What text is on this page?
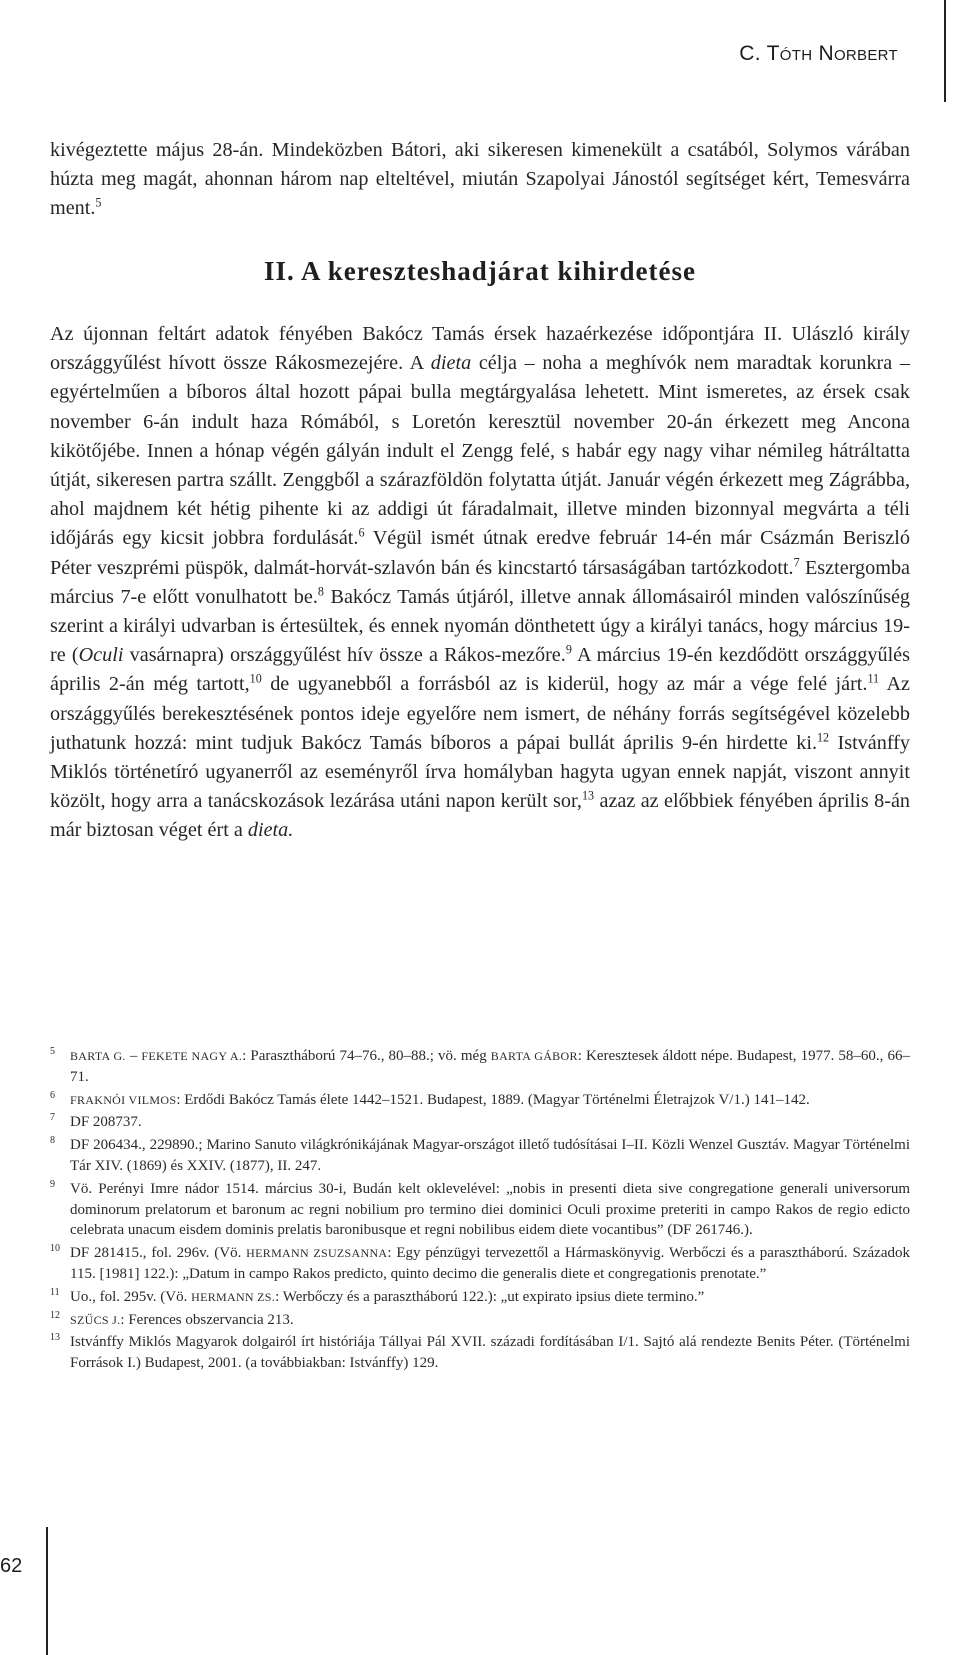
C. TÓTH NORBERT

kivégeztette május 28-án. Mindeközben Bátori, aki sikeresen kimenekült a csatából, Solymos várában húzta meg magát, ahonnan három nap elteltével, miután Szapolyai Jánostól segítséget kért, Temesvárra ment.$^5$

II. A kereszteshadjárat kihirdetése

Az újonnan feltárt adatok fényében Bakócz Tamás érsek hazaérkezése időpontjára II. Ulászló király országgyűlést hívott össze Rákosmezejére. A dieta célja – noha a meghívók nem maradtak korunkra – egyértelműen a bíboros által hozott pápai bulla megtárgyalása lehetett. Mint ismeretes, az érsek csak november 6-án indult haza Rómából, s Loretón keresztül november 20-án érkezett meg Ancona kikötőjébe. Innen a hónap végén gályán indult el Zengg felé, s habár egy nagy vihar némileg hátráltatta útját, sikeresen partra szállt. Zenggből a szárazföldön folytatta útját. Január végén érkezett meg Zágrábba, ahol majdnem két hétig pihente ki az addigi út fáradalmait, illetve minden bizonnyal megvárta a téli időjárás egy kicsit jobbra fordulását.$^6$ Végül ismét útnak eredve február 14-én már Csázmán Beriszló Péter veszprémi püspök, dalmát-horvát-szlavón bán és kincstartó társaságában tartózkodott.$^7$ Esztergomba március 7-e előtt vonulhatott be.$^8$ Bakócz Tamás útjáról, illetve annak állomásairól minden valószínűség szerint a királyi udvarban is értesültek, és ennek nyomán dönthetett úgy a királyi tanács, hogy március 19-re (Oculi vasárnapra) országgyűlést hív össze a Rákos-mezőre.$^9$ A március 19-én kezdődött országgyűlés április 2-án még tartott,$^{10}$ de ugyanebből a forrásból az is kiderül, hogy az már a vége felé járt.$^{11}$ Az országgyűlés berekesztésének pontos ideje egyelőre nem ismert, de néhány forrás segítségével közelebb juthatunk hozzá: mint tudjuk Bakócz Tamás bíboros a pápai bullát április 9-én hirdette ki.$^{12}$ Istvánffy Miklós történetíró ugyanerről az eseményről írva homályban hagyta ugyan ennek napját, viszont annyit közölt, hogy arra a tanácskozások lezárása utáni napon került sor,$^{13}$ azaz az előbbiek fényében április 8-án már biztosan véget ért a dieta.

5 BARTA G. – FEKETE NAGY A.: Parasztháború 74–76., 80–88.; vö. még BARTA GÁBOR: Keresztesek áldott népe. Budapest, 1977. 58–60., 66–71.

6 FRAKNÓI VILMOS: Erdődi Bakócz Tamás élete 1442–1521. Budapest, 1889. (Magyar Történelmi Életrajzok V/1.) 141–142.

7 DF 208737.

8 DF 206434., 229890.; Marino Sanuto világkrónikájának Magyar-országot illető tudósításai I–II. Közli Wenzel Gusztáv. Magyar Történelmi Tár XIV. (1869) és XXIV. (1877), II. 247.

9 Vö. Perényi Imre nádor 1514. március 30-i, Budán kelt oklevelével: „nobis in presenti dieta sive congregatione generali universorum dominorum prelatorum et baronum ac regni nobilium pro termino diei dominici Oculi proxime preteriti in campo Rakos de regio edicto celebrata unacum eisdem dominis prelatis baronibusque et regni nobilibus eidem diete vocantibus” (DF 261746.).

10 DF 281415., fol. 296v. (Vö. HERMANN ZSUZSANNA: Egy pénzügyi tervezettől a Hármaskönyvig. Werbőczi és a parasztháború. Századok 115. [1981] 122.): „Datum in campo Rakos predicto, quinto decimo die generalis diete et congregationis prenotate.”

11 Uo., fol. 295v. (Vö. HERMANN ZS.: Werbőczy és a parasztháború 122.): „ut expirato ipsius diete termino.”

12 SZŰCS J.: Ferences obszervancia 213.

13 Istvánffy Miklós Magyarok dolgairól írt históriája Tállyai Pál XVII. századi fordításában I/1. Sajtó alá rendezte Benits Péter. (Történelmi Források I.) Budapest, 2001. (a továbbiakban: Istvánffy) 129.

62
